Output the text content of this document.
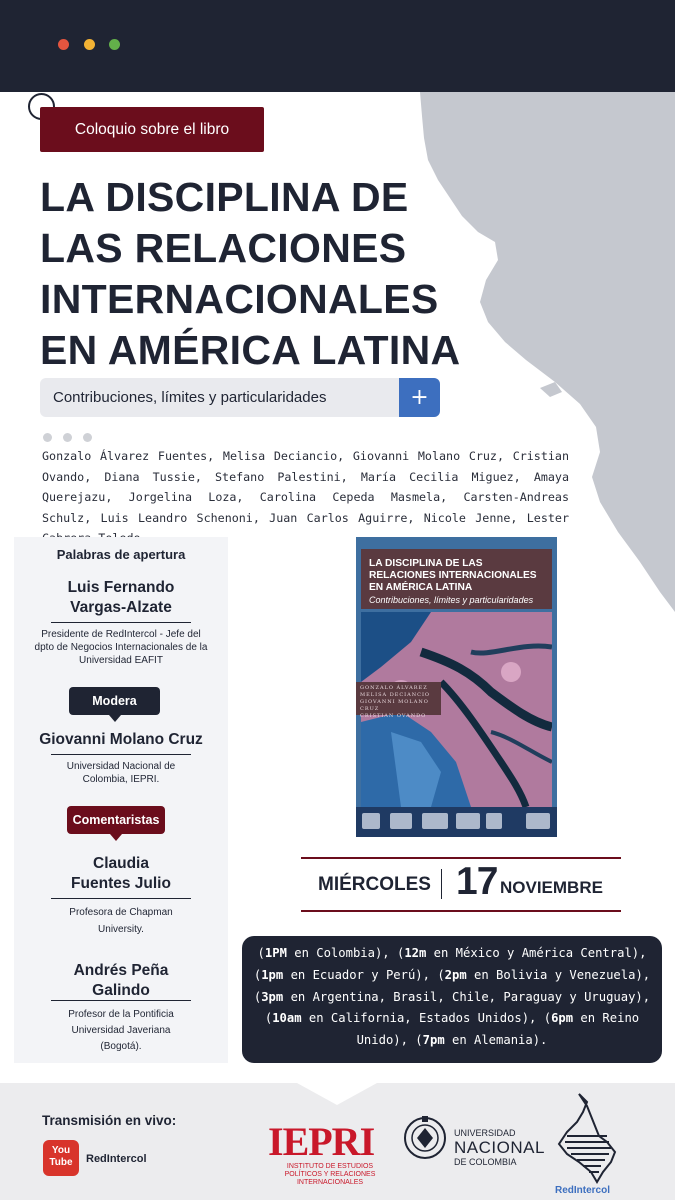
Coloquio sobre el libro
LA DISCIPLINA DE
LAS RELACIONES
INTERNACIONALES
EN AMÉRICA LATINA
Contribuciones, límites y particularidades	+

Gonzalo Álvarez Fuentes, Melisa Deciancio, Giovanni Molano Cruz, Cristian Ovando, Diana Tussie, Stefano Palestini, María Cecilia Miguez, Amaya Querejazu, Jorgelina Loza, Carolina Cepeda Masmela, Carsten-Andreas Schulz, Luis Leandro Schenoni, Juan Carlos Aguirre, Nicole Jenne, Lester

Palabras de apertura
Luis Fernando
Vargas-Alzate
Presidente de RedIntercol - Jefe del
dpto de Negocios Internacionales de la
Universidad EAFIT
Modera
Giovanni Molano Cruz
Universidad Nacional de
Colombia, IEPRI.
Comentaristas
Claudia
Fuentes Julio
Profesora de Chapman
University.
Andrés Peña
Galindo
Profesor de la Pontificia
Universidad Javeriana
(Bogotá).
LA DISCIPLINA DE LAS RELACIONES INTERNACIONALES EN AMÉRICA LATINA
Contribuciones, límites y particularidades
GONZALO ÁLVAREZ
MELISA DECIANCIO
GIOVANNI MOLANO CRUZ
CRISTIAN OVANDO
MIÉRCOLES 17 NOVIEMBRE
(1PM en Colombia), (12m en México y América Central), (1pm en Ecuador y Perú), (2pm en Bolivia y Venezuela), (3pm en Argentina, Brasil, Chile, Paraguay y Uruguay), (10am en California, Estados Unidos), (6pm en Reino Unido), (7pm en Alemania).
Transmisión en vivo:
You
Tube	RedIntercol	IEPRI
INSTITUTO DE ESTUDIOS POLÍTICOS Y RELACIONES INTERNACIONALES
UNIVERSIDAD
NACIONAL
DE COLOMBIA
RedIntercol
